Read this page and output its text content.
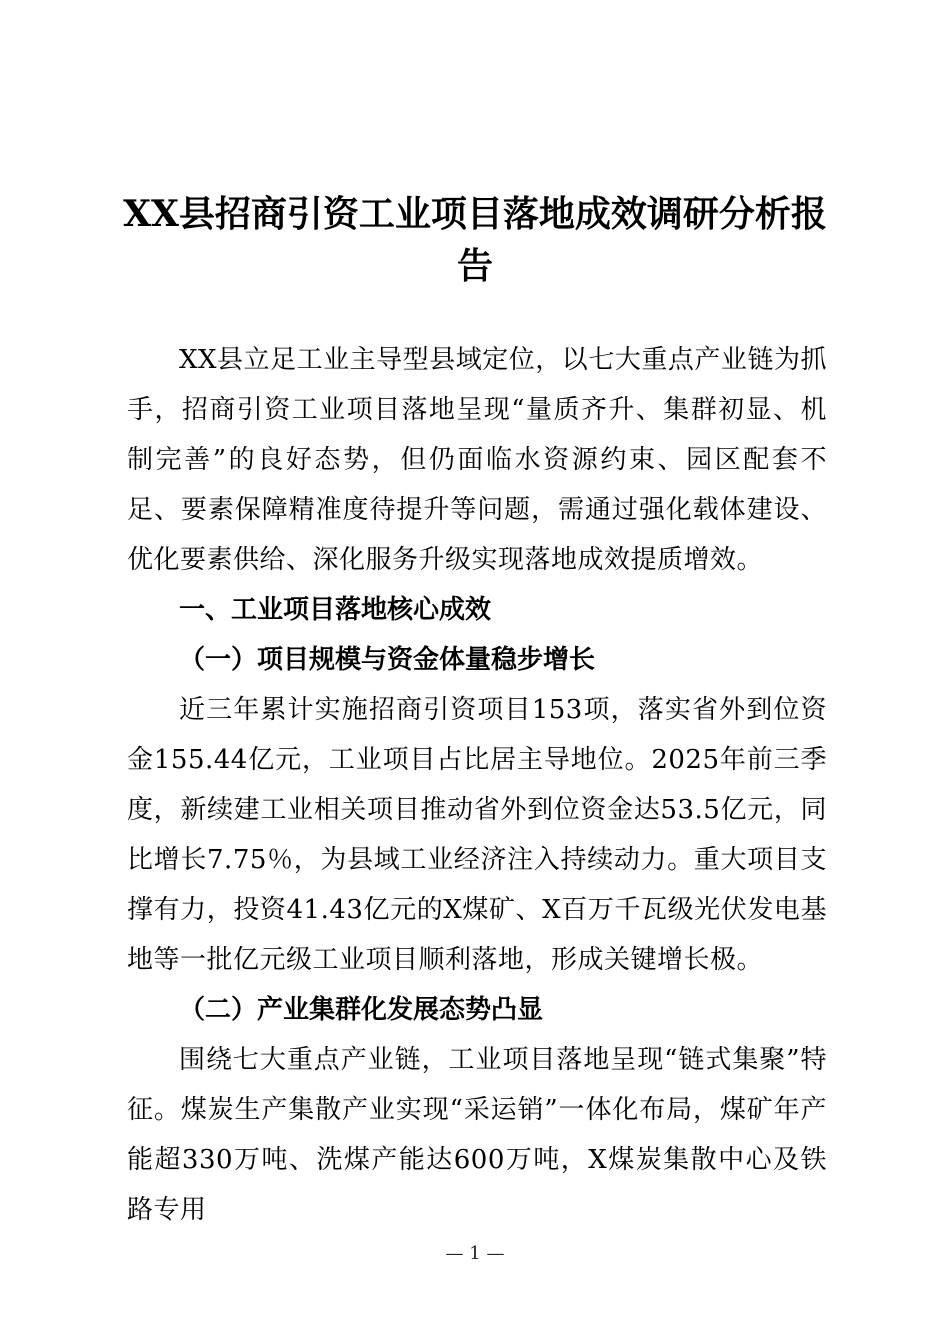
XX县招商引资工业项目落地成效调研分析报告

XX县立足工业主导型县域定位，以七大重点产业链为抓手，招商引资工业项目落地呈现“量质齐升、集群初显、机制完善”的良好态势，但仍面临水资源约束、园区配套不足、要素保障精准度待提升等问题，需通过强化载体建设、优化要素供给、深化服务升级实现落地成效提质增效。

一、工业项目落地核心成效

（一）项目规模与资金体量稳步增长

近三年累计实施招商引资项目153项，落实省外到位资金155.44亿元，工业项目占比居主导地位。2025年前三季度，新续建工业相关项目推动省外到位资金达53.5亿元，同比增长7.75％，为县域工业经济注入持续动力。重大项目支撑有力，投资41.43亿元的X煤矿、X百万千瓦级光伏发电基地等一批亿元级工业项目顺利落地，形成关键增长极。

（二）产业集群化发展态势凸显

围绕七大重点产业链，工业项目落地呈现“链式集聚”特征。煤炭生产集散产业实现“采运销”一体化布局，煤矿年产能超330万吨、洗煤产能达600万吨，X煤炭集散中心及铁路专用

— 1 —
